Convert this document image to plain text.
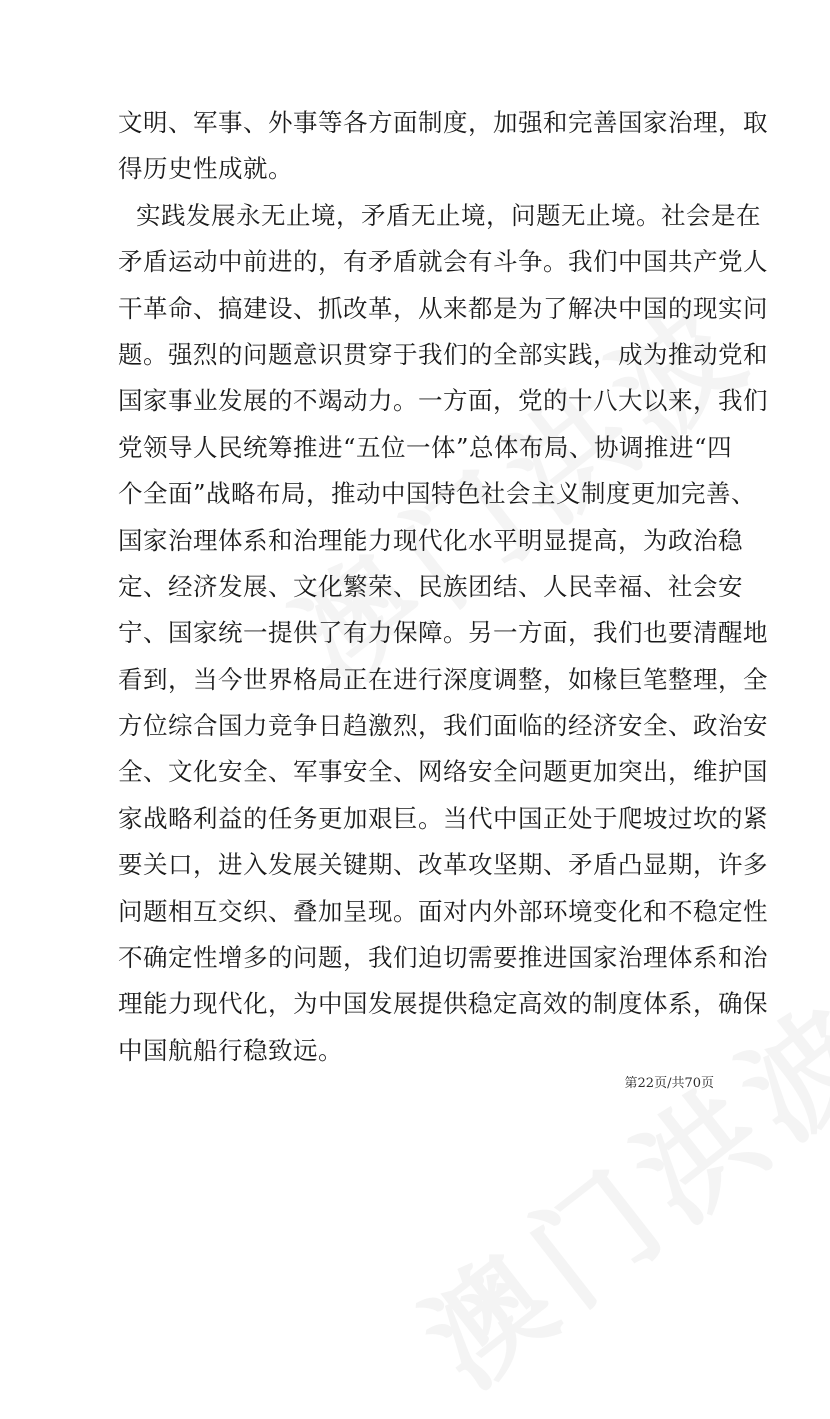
文明、军事、外事等各方面制度，加强和完善国家治理，取
得历史性成就。
实践发展永无止境，矛盾无止境，问题无止境。社会是在
矛盾运动中前进的，有矛盾就会有斗争。我们中国共产党人
干革命、搞建设、抓改革，从来都是为了解决中国的现实问
题。强烈的问题意识贯穿于我们的全部实践，成为推动党和
国家事业发展的不竭动力。一方面，党的十八大以来，我们
党领导人民统筹推进“五位一体”总体布局、协调推进“四
个全面”战略布局，推动中国特色社会主义制度更加完善、
国家治理体系和治理能力现代化水平明显提高，为政治稳
定、经济发展、文化繁荣、民族团结、人民幸福、社会安
宁、国家统一提供了有力保障。另一方面，我们也要清醒地
看到，当今世界格局正在进行深度调整，如椽巨笔整理，全
方位综合国力竞争日趋激烈，我们面临的经济安全、政治安
全、文化安全、军事安全、网络安全问题更加突出，维护国
家战略利益的任务更加艰巨。当代中国正处于爬坡过坎的紧
要关口，进入发展关键期、改革攻坚期、矛盾凸显期，许多
问题相互交织、叠加呈现。面对内外部环境变化和不稳定性
不确定性增多的问题，我们迫切需要推进国家治理体系和治
理能力现代化，为中国发展提供稳定高效的制度体系，确保
中国航船行稳致远。
第22页/共70页
